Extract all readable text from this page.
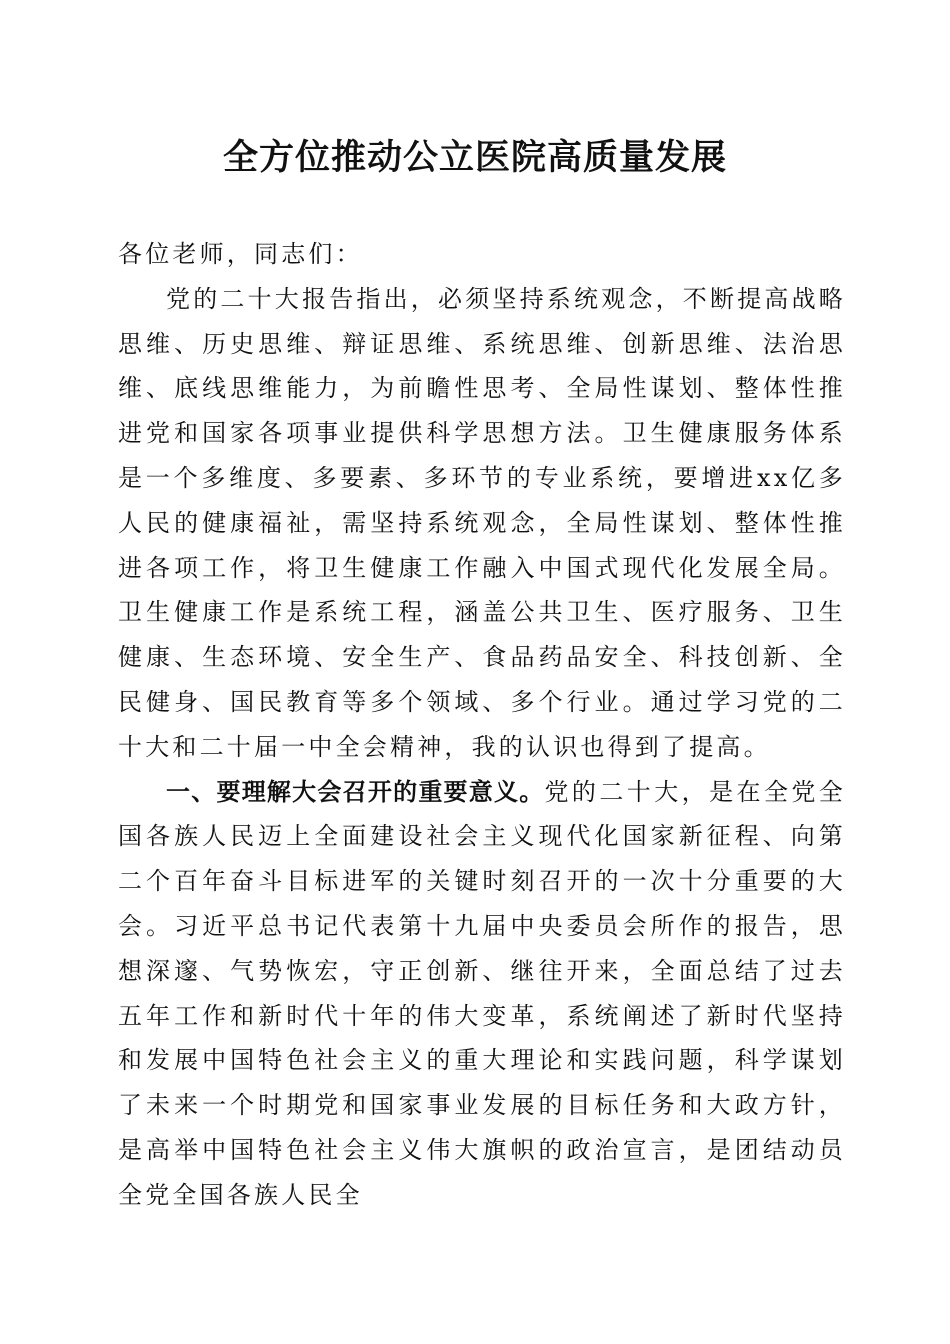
全方位推动公立医院高质量发展

各位老师，同志们：

党的二十大报告指出，必须坚持系统观念，不断提高战略思维、历史思维、辩证思维、系统思维、创新思维、法治思维、底线思维能力，为前瞻性思考、全局性谋划、整体性推进党和国家各项事业提供科学思想方法。卫生健康服务体系是一个多维度、多要素、多环节的专业系统，要增进xx亿多人民的健康福祉，需坚持系统观念，全局性谋划、整体性推进各项工作，将卫生健康工作融入中国式现代化发展全局。卫生健康工作是系统工程，涵盖公共卫生、医疗服务、卫生健康、生态环境、安全生产、食品药品安全、科技创新、全民健身、国民教育等多个领域、多个行业。通过学习党的二十大和二十届一中全会精神，我的认识也得到了提高。

一、要理解大会召开的重要意义。党的二十大，是在全党全国各族人民迈上全面建设社会主义现代化国家新征程、向第二个百年奋斗目标进军的关键时刻召开的一次十分重要的大会。习近平总书记代表第十九届中央委员会所作的报告，思想深邃、气势恢宏，守正创新、继往开来，全面总结了过去五年工作和新时代十年的伟大变革，系统阐述了新时代坚持和发展中国特色社会主义的重大理论和实践问题，科学谋划了未来一个时期党和国家事业发展的目标任务和大政方针，是高举中国特色社会主义伟大旗帜的政治宣言，是团结动员全党全国各族人民全
